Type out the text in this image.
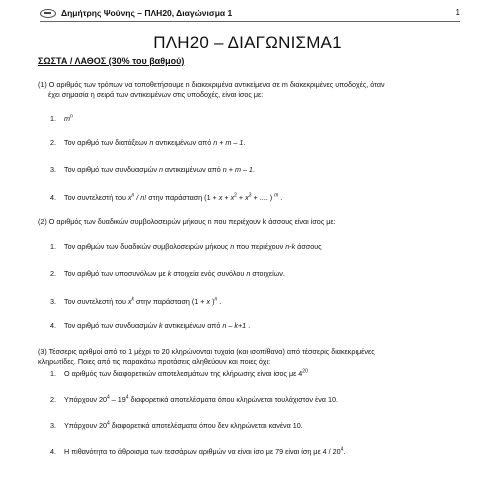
Δημήτρης Ψούνης – ΠΛΗ20, Διαγώνισμα 1	1
ΠΛΗ20 – ΔΙΑΓΩΝΙΣΜΑ1
ΣΩΣΤΑ / ΛΑΘΟΣ (30% του βαθμού)
(1) Ο αριθμός των τρόπων να τοποθετήσουμε n διακεκριμένα αντικείμενα σε m διακεκριμένες υποδοχές, όταν
έχει σημασία η σειρά των αντικειμένων στις υποδοχές, είναι ίσος με:
1. $m^n$
2. Τον αριθμό των διατάξεων n αντικειμένων από n + m – 1.
3. Τον αριθμό των συνδυασμών n αντικειμένων από n + m – 1.
4. Τον συντελεστή του $x^n$ / n! στην παράσταση ($1 + x + x^2 + x^3$ + .... ) $^m$ .
(2) Ο αριθμός των δυαδικών συμβολοσειρών μήκους n που περιέχουν k άσσους είναι ίσος με:
1. Τον αριθμών των δυαδικών συμβολοσειρών μήκους n που περιέχουν n-k άσσους
2. Τον αριθμό των υποσυνόλων με k στοιχεία ενός συνόλου n στοιχείων.
3. Τον συντελεστή του $x^k$ στην παράσταση (1 + x )$^n$ .
4. Τον αριθμό των συνδυασμών k αντικειμένων από n – k+1 .
(3) Τέσσερις αριθμοί από το 1 μέχρι το 20 κληρώνονται τυχαία (και ισοπίθανα) από τέσσερις διακεκριμένες
κληρωτίδες. Ποιες από τις παρακάτω προτάσεις αληθεύουν και ποιες όχι:
1. Ο αριθμός των διαφορετικών αποτελεσμάτων της κλήρωσης είναι ίσος με $4^{20}$
2. Υπάρχουν $20^4 - 19^4$ διαφορετικά αποτελέσματα όπου κληρώνεται τουλάχιστον ένα 10.
3. Υπάρχουν $20^4$ διαφορετικά αποτελέσματα όπου δεν κληρώνεται κανένα 10.
4. Η πιθανότητα το άθροισμα των τεσσάρων αριθμών να είναι ίσο με 79 είναι ίση με $4 / 20^4$.
